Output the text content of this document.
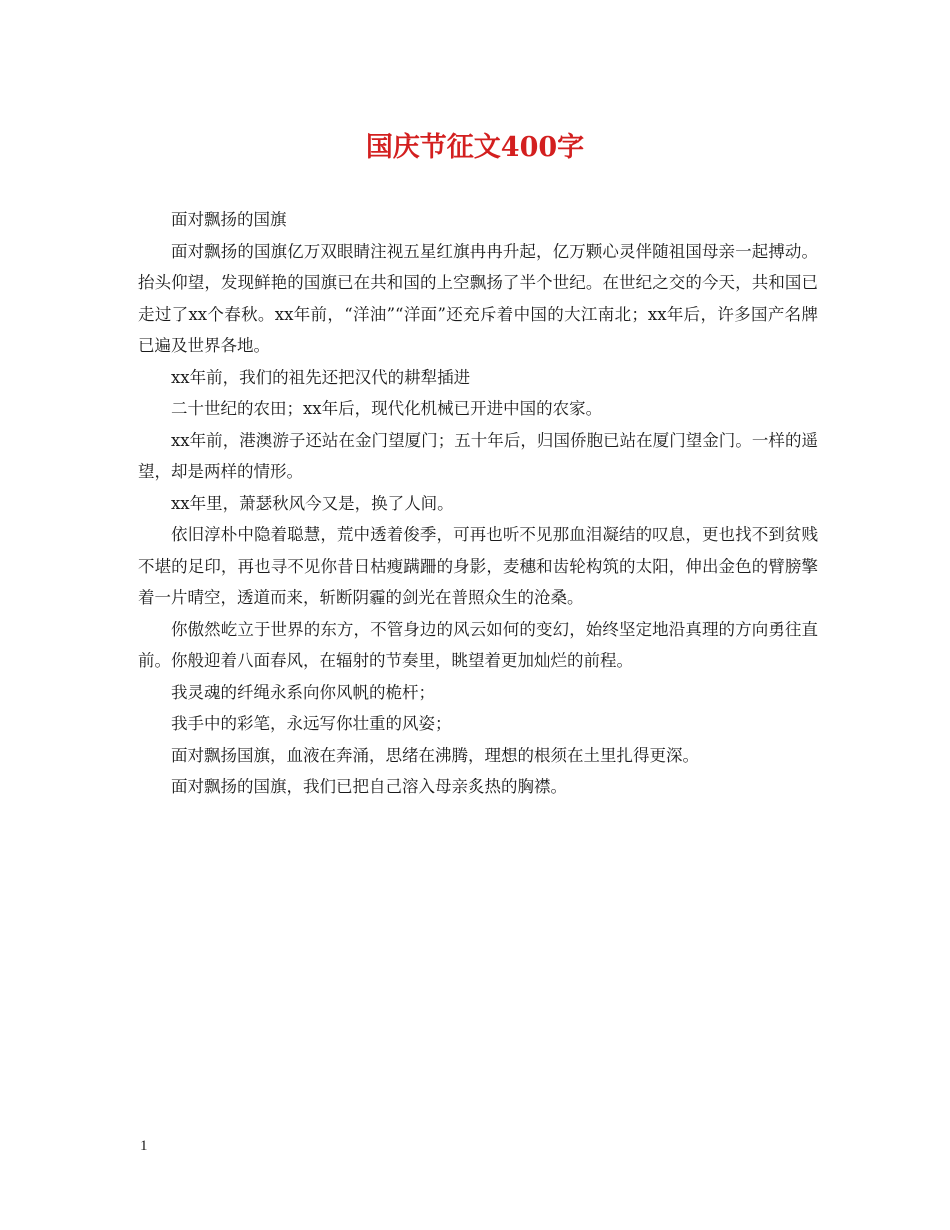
国庆节征文400字

面对飘扬的国旗

面对飘扬的国旗亿万双眼睛注视五星红旗冉冉升起，亿万颗心灵伴随祖国母亲一起搏动。抬头仰望，发现鲜艳的国旗已在共和国的上空飘扬了半个世纪。在世纪之交的今天，共和国已走过了xx个春秋。xx年前，“洋油”“洋面”还充斥着中国的大江南北；xx年后，许多国产名牌已遍及世界各地。

xx年前，我们的祖先还把汉代的耕犁插进

二十世纪的农田；xx年后，现代化机械已开进中国的农家。

xx年前，港澳游子还站在金门望厦门；五十年后，归国侨胞已站在厦门望金门。一样的遥望，却是两样的情形。

xx年里，萧瑟秋风今又是，换了人间。

依旧淳朴中隐着聪慧，荒中透着俊季，可再也听不见那血泪凝结的叹息，更也找不到贫贱不堪的足印，再也寻不见你昔日枯瘦蹒跚的身影，麦穗和齿轮构筑的太阳，伸出金色的臂膀擎着一片晴空，透道而来，斩断阴霾的剑光在普照众生的沧桑。

你傲然屹立于世界的东方，不管身边的风云如何的变幻，始终坚定地沿真理的方向勇往直前。你般迎着八面春风，在辐射的节奏里，眺望着更加灿烂的前程。

我灵魂的纤绳永系向你风帆的桅杆；

我手中的彩笔，永远写你壮重的风姿；

面对飘扬国旗，血液在奔涌，思绪在沸腾，理想的根须在土里扎得更深。

面对飘扬的国旗，我们已把自己溶入母亲炙热的胸襟。

1
